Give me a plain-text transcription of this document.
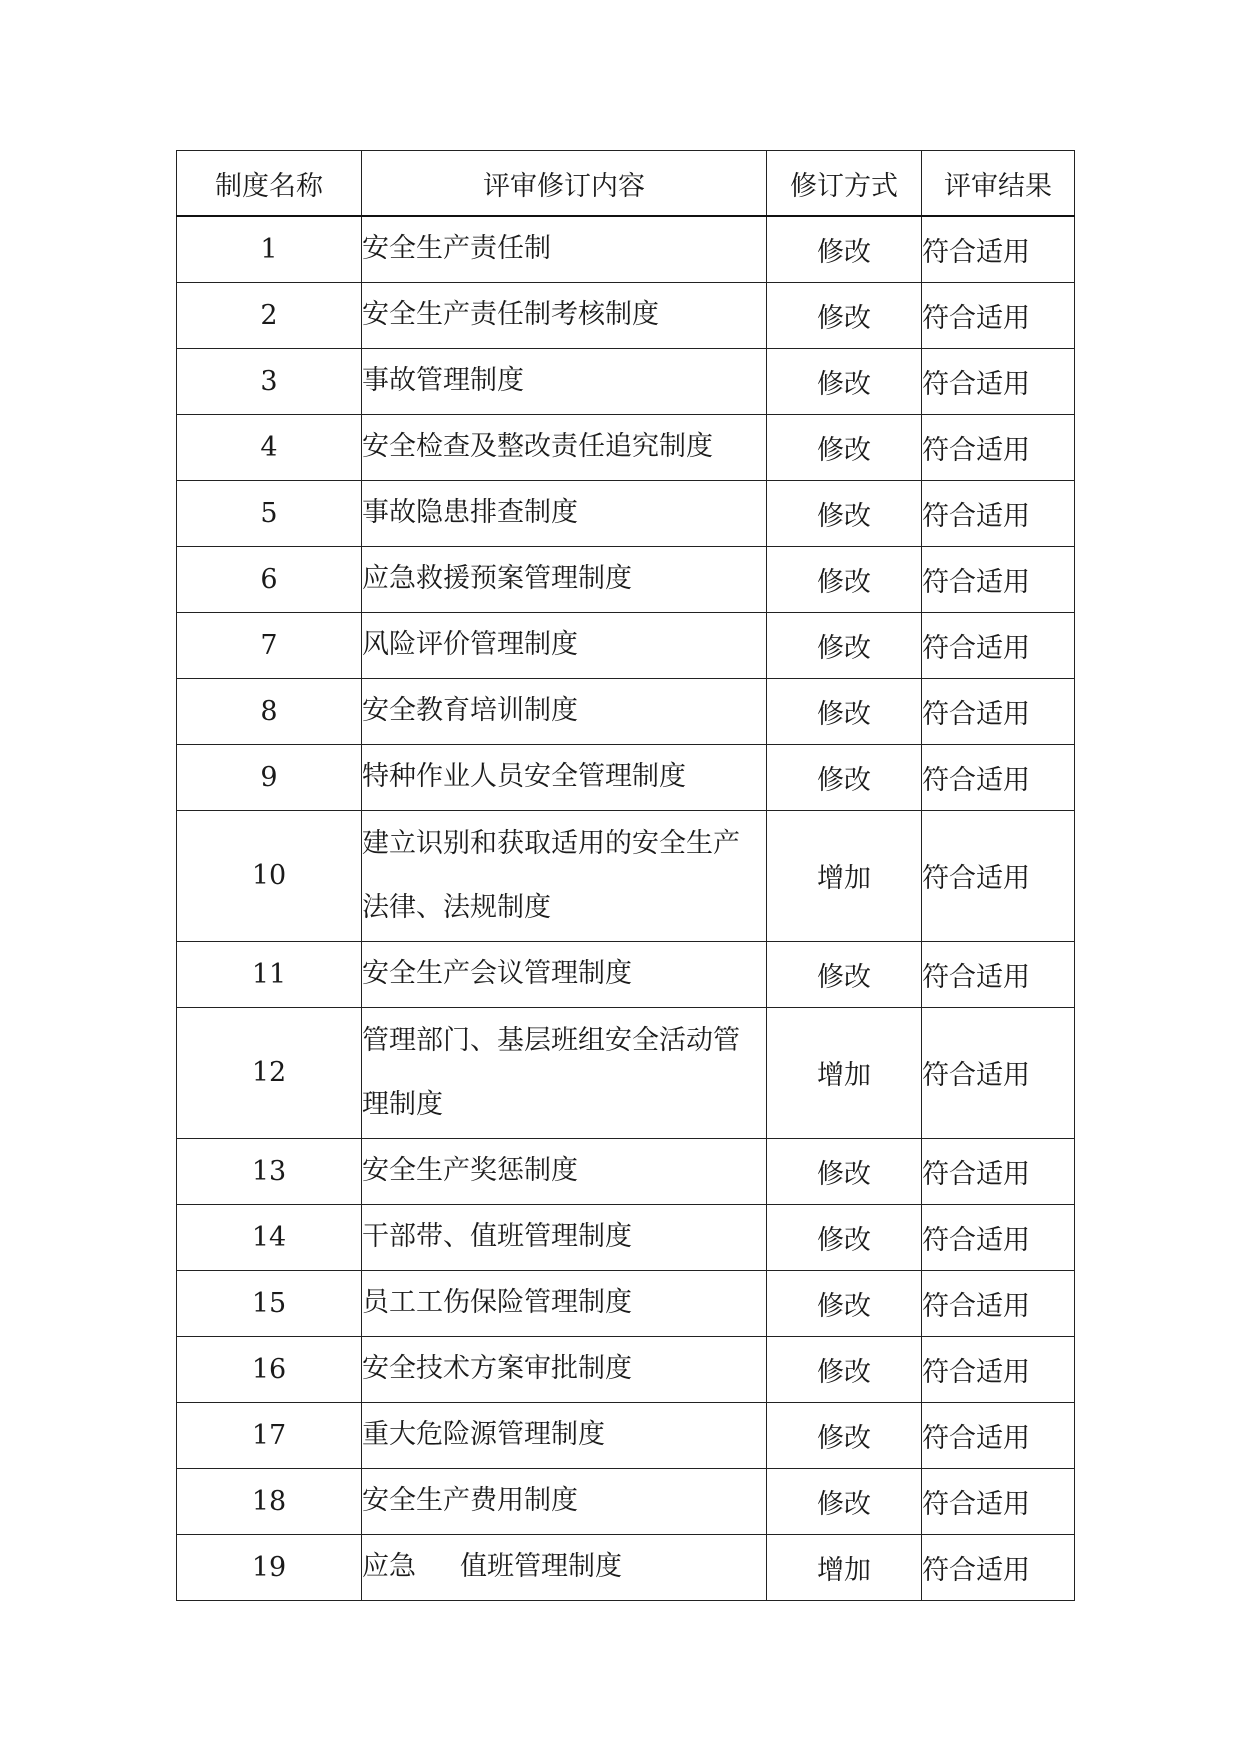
制度名称	评审修订内容	修订方式	评审结果
1	安全生产责任制	修改	符合适用
2	安全生产责任制考核制度	修改	符合适用
3	事故管理制度	修改	符合适用
4	安全检查及整改责任追究制度	修改	符合适用
5	事故隐患排查制度	修改	符合适用
6	应急救援预案管理制度	修改	符合适用
7	风险评价管理制度	修改	符合适用
8	安全教育培训制度	修改	符合适用
9	特种作业人员安全管理制度	修改	符合适用
10	建立识别和获取适用的安全生产法律、法规制度	增加	符合适用
11	安全生产会议管理制度	修改	符合适用
12	管理部门、基层班组安全活动管理制度	增加	符合适用
13	安全生产奖惩制度	修改	符合适用
14	干部带、值班管理制度	修改	符合适用
15	员工工伤保险管理制度	修改	符合适用
16	安全技术方案审批制度	修改	符合适用
17	重大危险源管理制度	修改	符合适用
18	安全生产费用制度	修改	符合适用
19	应急 值班管理制度	增加	符合适用
